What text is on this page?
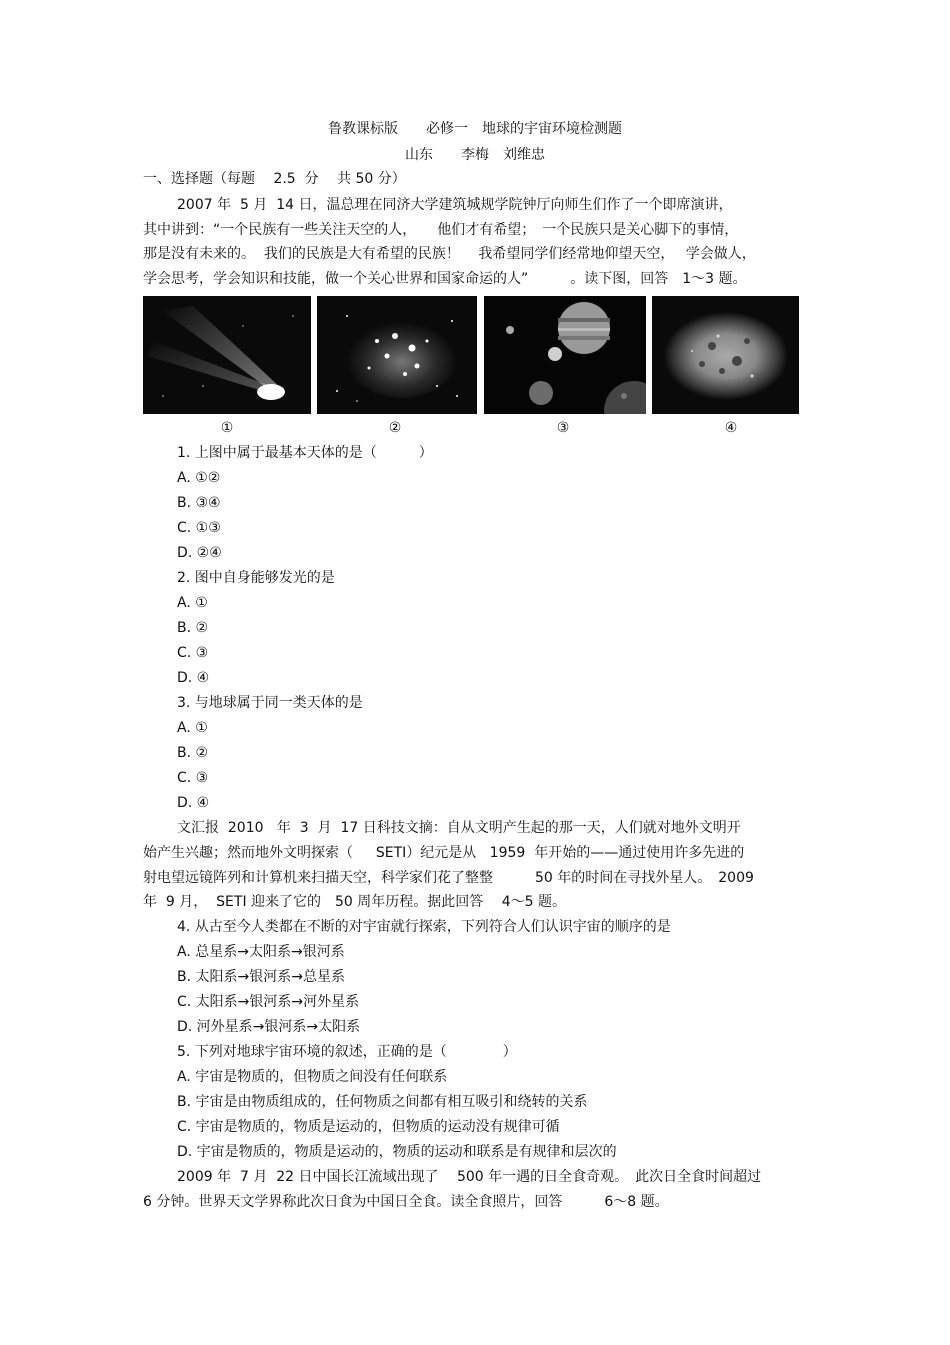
鲁教课标版　　必修一　地球的宇宙环境检测题
山东　　李梅　刘维忠
一、选择题（每题　 2.5  分　 共 50 分）
2007 年  5 月  14 日，温总理在同济大学建筑城规学院钟厅向师生们作了一个即席演讲，
其中讲到：“一个民族有一些关注天空的人，　　他们才有希望；　一个民族只是关心脚下的事情，
那是没有未来的。  我们的民族是大有希望的民族！　 我希望同学们经常地仰望天空，　 学会做人，
学会思考，学会知识和技能，做一个关心世界和国家命运的人”　　　。读下图，回答　1～3 题。
①	②	③	④
1. 上图中属于最基本天体的是（　　　）
A. ①②
B. ③④
C. ①③
D. ②④
2. 图中自身能够发光的是
A. ①
B. ②
C. ③
D. ④
3. 与地球属于同一类天体的是
A. ①
B. ②
C. ③
D. ④
文汇报  2010   年  3  月  17 日科技文摘：自从文明产生起的那一天，人们就对地外文明开
始产生兴趣；然而地外文明探索（　  SETI）纪元是从   1959  年开始的——通过使用许多先进的
射电望远镜阵列和计算机来扫描天空，科学家们花了整整　　　50 年的时间在寻找外星人。　2009
年  9 月，  SETI 迎来了它的　50 周年历程。据此回答　 4～5 题。
4. 从古至今人类都在不断的对宇宙就行探索，下列符合人们认识宇宙的顺序的是
A. 总星系→太阳系→银河系
B. 太阳系→银河系→总星系
C. 太阳系→银河系→河外星系
D. 河外星系→银河系→太阳系
5. 下列对地球宇宙环境的叙述，正确的是（　　　　）
A. 宇宙是物质的，但物质之间没有任何联系
B. 宇宙是由物质组成的，任何物质之间都有相互吸引和绕转的关系
C. 宇宙是物质的，物质是运动的，但物质的运动没有规律可循
D. 宇宙是物质的，物质是运动的，物质的运动和联系是有规律和层次的
2009 年  7 月  22 日中国长江流域出现了　 500 年一遇的日全食奇观。　此次日全食时间超过
6 分钟。世界天文学界称此次日食为中国日全食。读全食照片，回答　　　6～8 题。
